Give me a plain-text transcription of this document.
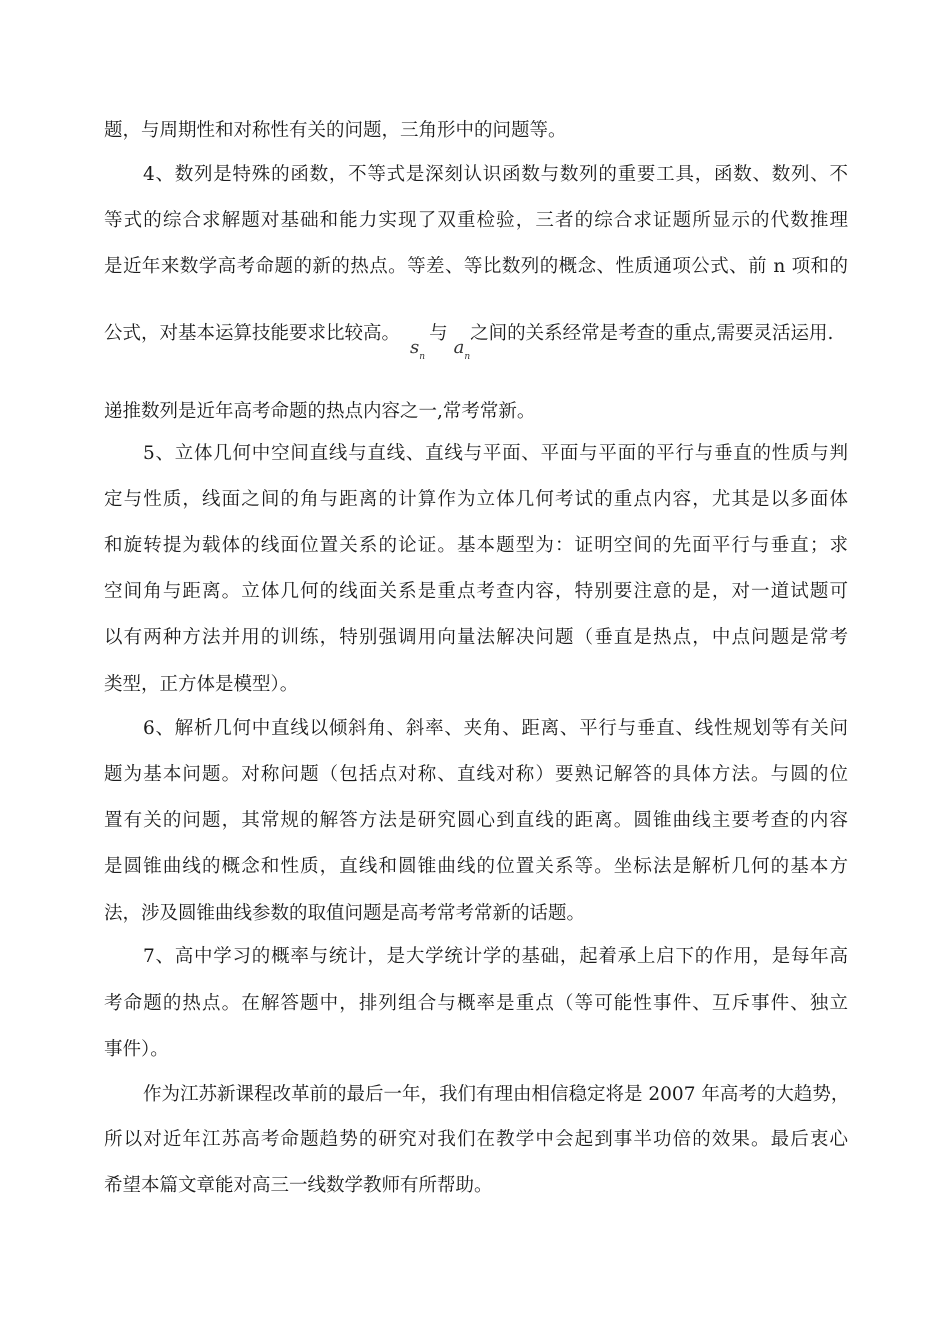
题，与周期性和对称性有关的问题，三角形中的问题等。
4、数列是特殊的函数，不等式是深刻认识函数与数列的重要工具，函数、数列、不
等式的综合求解题对基础和能力实现了双重检验，三者的综合求证题所显示的代数推理
是近年来数学高考命题的新的热点。等差、等比数列的概念、性质通项公式、前 n 项和的
公式，对基本运算技能要求比较高。$s_n$与$a_n$之间的关系经常是考查的重点,需要灵活运用.
递推数列是近年高考命题的热点内容之一,常考常新。
5、立体几何中空间直线与直线、直线与平面、平面与平面的平行与垂直的性质与判
定与性质，线面之间的角与距离的计算作为立体几何考试的重点内容，尤其是以多面体
和旋转提为载体的线面位置关系的论证。基本题型为：证明空间的先面平行与垂直；求
空间角与距离。立体几何的线面关系是重点考查内容，特别要注意的是，对一道试题可
以有两种方法并用的训练，特别强调用向量法解决问题（垂直是热点，中点问题是常考
类型，正方体是模型）。
6、解析几何中直线以倾斜角、斜率、夹角、距离、平行与垂直、线性规划等有关问
题为基本问题。对称问题（包括点对称、直线对称）要熟记解答的具体方法。与圆的位
置有关的问题，其常规的解答方法是研究圆心到直线的距离。圆锥曲线主要考查的内容
是圆锥曲线的概念和性质，直线和圆锥曲线的位置关系等。坐标法是解析几何的基本方
法，涉及圆锥曲线参数的取值问题是高考常考常新的话题。
7、高中学习的概率与统计，是大学统计学的基础，起着承上启下的作用，是每年高
考命题的热点。在解答题中，排列组合与概率是重点（等可能性事件、互斥事件、独立
事件）。
作为江苏新课程改革前的最后一年，我们有理由相信稳定将是 2007 年高考的大趋势，
所以对近年江苏高考命题趋势的研究对我们在教学中会起到事半功倍的效果。最后衷心
希望本篇文章能对高三一线数学教师有所帮助。
